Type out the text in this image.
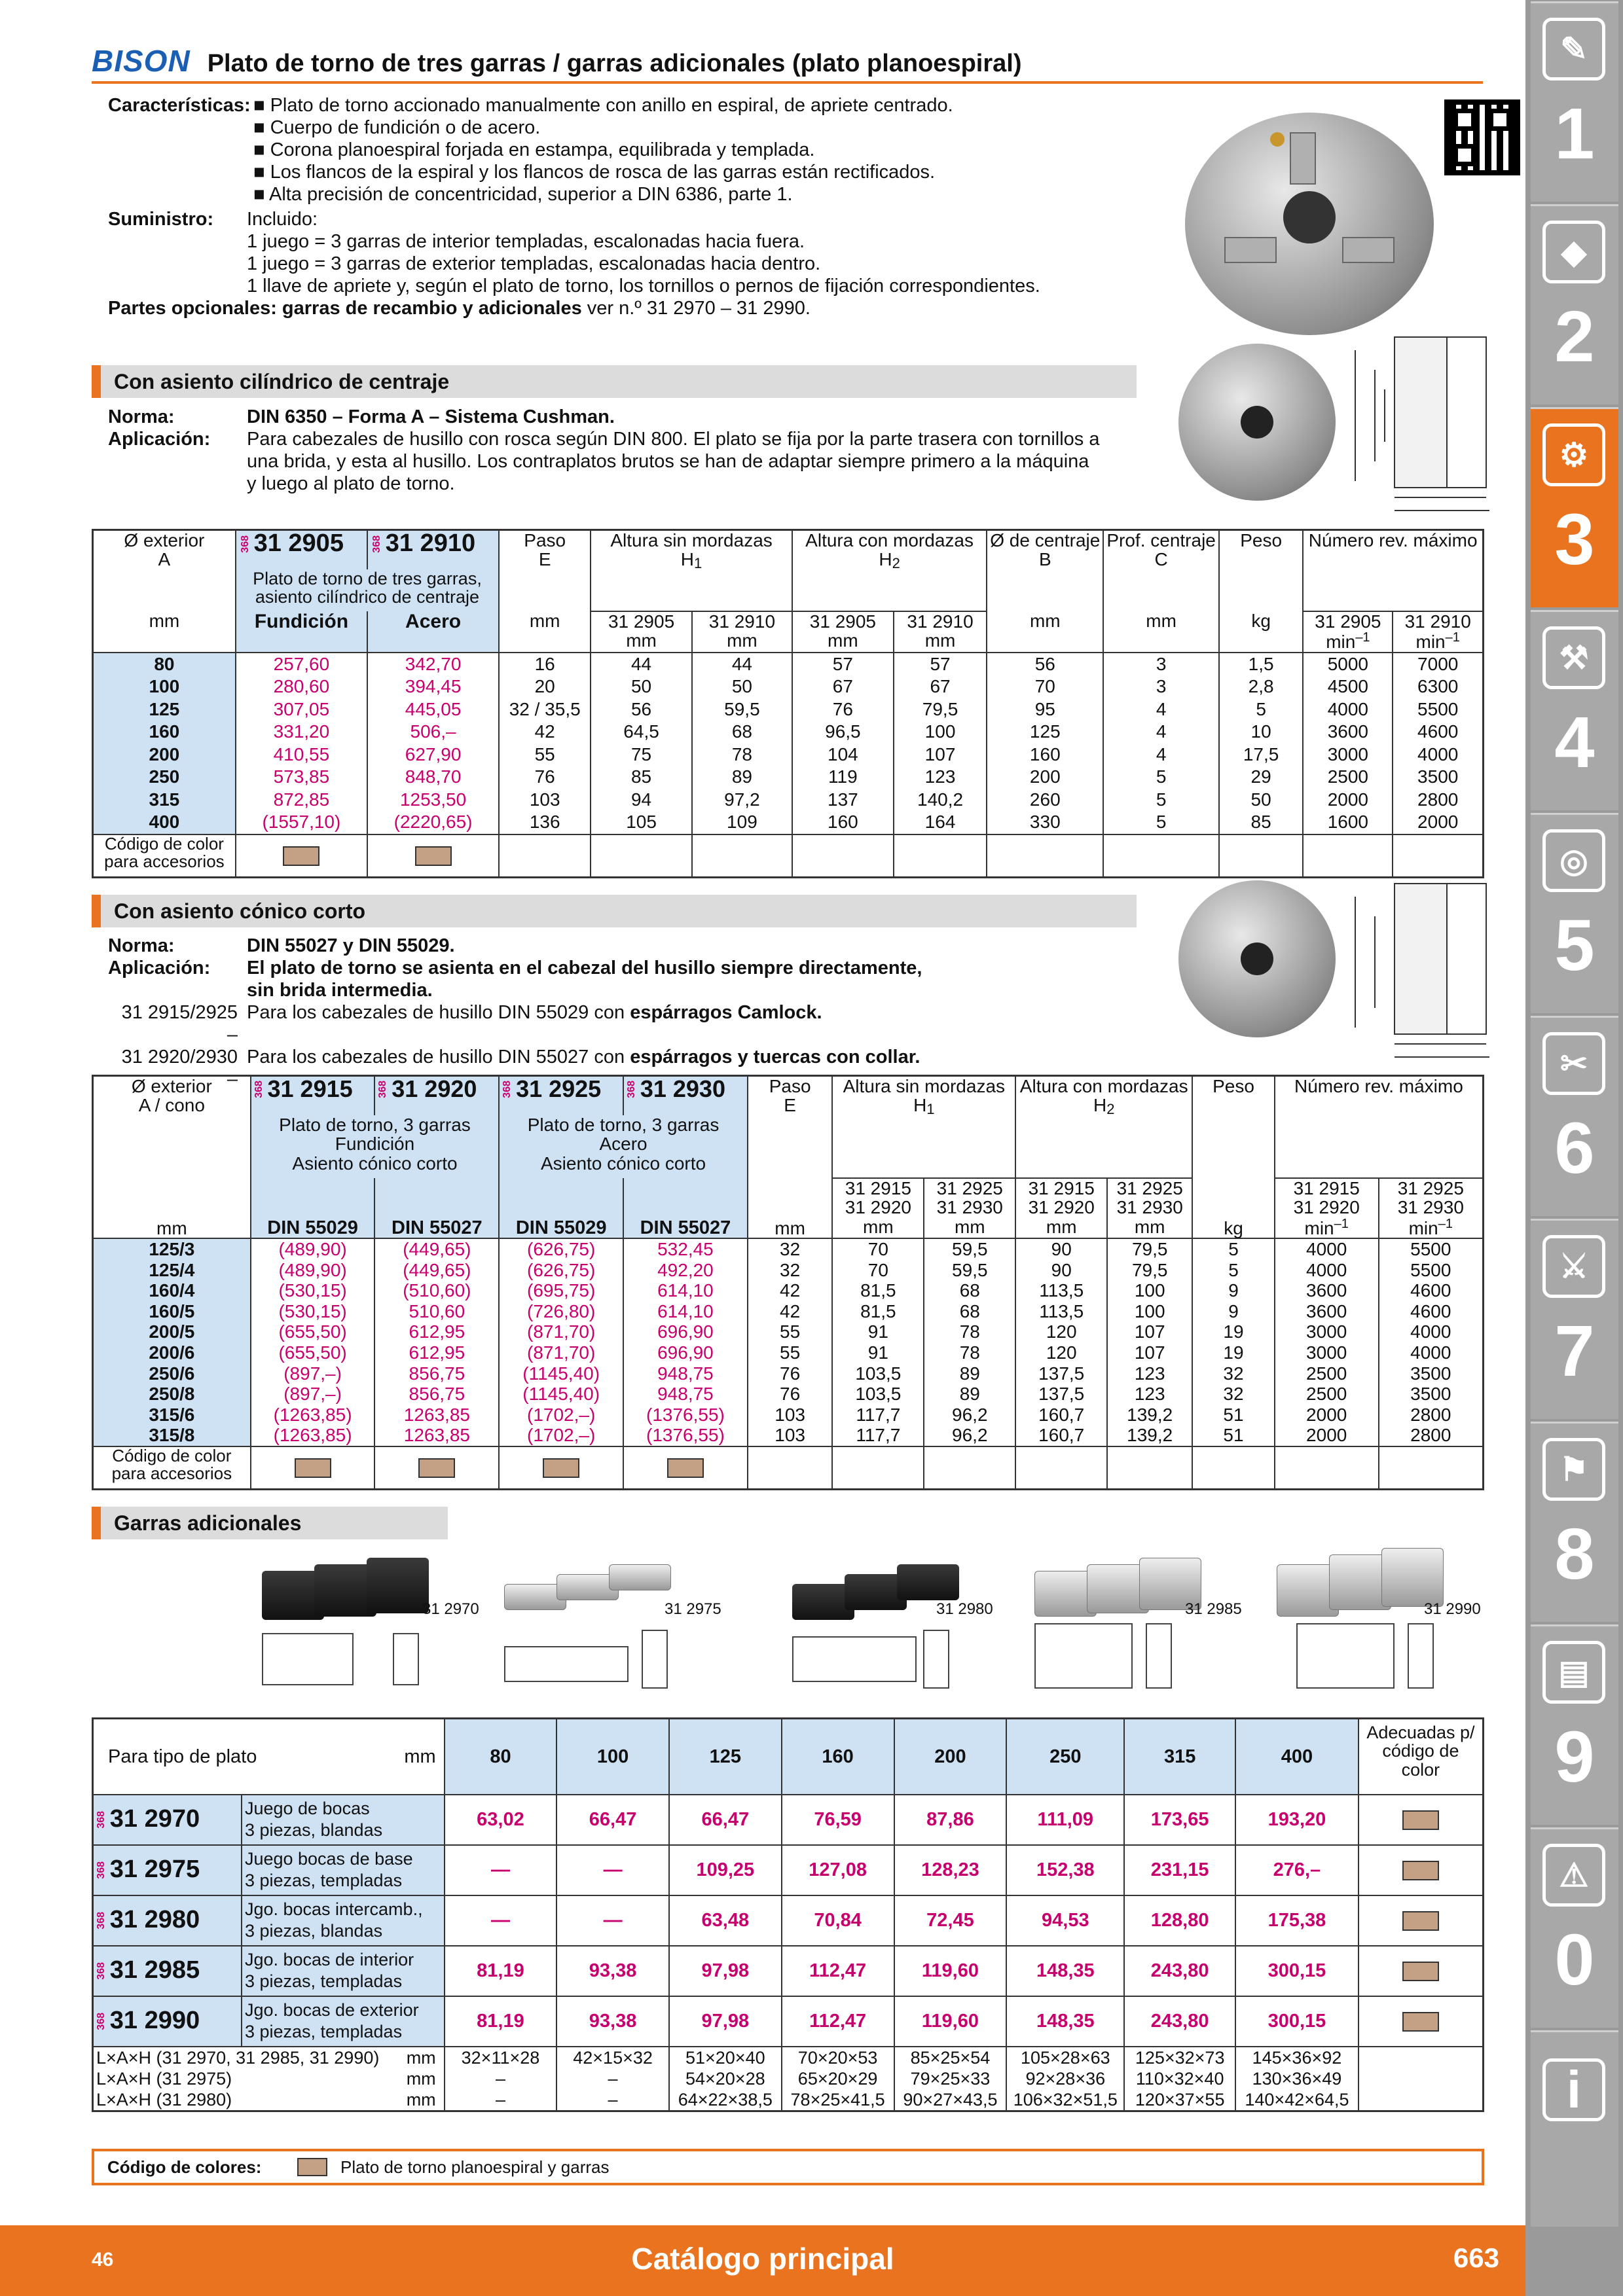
BISON Plato de torno de tres garras / garras adicionales (plato planoespiral)
Características: ■ Plato de torno accionado manualmente con anillo en espiral, de apriete centrado.
■ Cuerpo de fundición o de acero.
■ Corona planoespiral forjada en estampa, equilibrada y templada.
■ Los flancos de la espiral y los flancos de rosca de las garras están rectificados.
■ Alta precisión de concentricidad, superior a DIN 6386, parte 1.
Suministro:	Incluido:
1 juego = 3 garras de interior templadas, escalonadas hacia fuera.
1 juego = 3 garras de exterior templadas, escalonadas hacia dentro.
1 llave de apriete y, según el plato de torno, los tornillos o pernos de fijación correspondientes.
Partes opcionales: garras de recambio y adicionales ver n.º 31 2970 – 31 2990.
Con asiento cilíndrico de centraje
Norma:	DIN 6350 – Forma A – Sistema Cushman.
Aplicación:	Para cabezales de husillo con rosca según DIN 800. El plato se fija por la parte trasera con tornillos a
una brida, y esta al husillo. Los contraplatos brutos se han de adaptar siempre primero a la máquina
y luego al plato de torno.
Ø exterior
A	368 31 2905	368 31 2910	Paso
E	Altura sin mordazas
H1		Altura con mordazas
H2		Ø de centraje
B	Prof. centraje
C	Peso	Número rev. máximo	
	Plato de torno de tres garras, asiento cilíndrico de centraje											
mm	Fundición	Acero	mm	31 2905
mm	31 2910
mm	31 2905
mm	31 2910
mm	mm	mm	kg	31 2905
$\min^{-1}$	31 2910
$\min^{-1}$
80	257,60	342,70	16	44	44	57	57	56	3	1,5	5000	7000
100	280,60	394,45	20	50	50	67	67	70	3	2,8	4500	6300
125	307,05	445,05	32 / 35,5	56	59,5	76	79,5	95	4	5	4000	5500
160	331,20	506,–	42	64,5	68	96,5	100	125	4	10	3600	4600
200	410,55	627,90	55	75	78	104	107	160	4	17,5	3000	4000
250	573,85	848,70	76	85	89	119	123	200	5	29	2500	3500
315	872,85	1253,50	103	94	97,2	137	140,2	260	5	50	2000	2800
400	(1557,10)	(2220,65)	136	105	109	160	164	330	5	85	1600	2000
Código de color para accesorios												
Con asiento cónico corto
Norma:	DIN 55027 y DIN 55029.
Aplicación:	El plato de torno se asienta en el cabezal del husillo siempre directamente,
sin brida intermedia.
31 2915/2925 –
Para los cabezales de husillo DIN 55029 con espárragos Camlock.
31 2920/2930 –
Para los cabezales de husillo DIN 55027 con espárragos y tuercas con collar.
Ø exterior
A / cono	368 31 2915	368 31 2920	368 31 2925	368 31 2930	Paso
E	Altura sin mordazas
H1		Altura con mordazas
H2		Peso	Número rev. máximo	
	Plato de torno, 3 garras
Fundición
Asiento cónico corto		Plato de torno, 3 garras
Acero
Asiento cónico corto									
mm	DIN 55029	DIN 55027	DIN 55029	DIN 55027	mm	31 2915
31 2920
mm	31 2925
31 2930
mm	31 2915
31 2920
mm	31 2925
31 2930
mm	kg	31 2915
31 2920
$\min^{-1}$	31 2925
31 2930
$\min^{-1}$
125/3	(489,90)	(449,65)	(626,75)	532,45	32	70	59,5	90	79,5	5	4000	5500
125/4	(489,90)	(449,65)	(626,75)	492,20	32	70	59,5	90	79,5	5	4000	5500
160/4	(530,15)	(510,60)	(695,75)	614,10	42	81,5	68	113,5	100	9	3600	4600
160/5	(530,15)	510,60	(726,80)	614,10	42	81,5	68	113,5	100	9	3600	4600
200/5	(655,50)	612,95	(871,70)	696,90	55	91	78	120	107	19	3000	4000
200/6	(655,50)	612,95	(871,70)	696,90	55	91	78	120	107	19	3000	4000
250/6	(897,–)	856,75	(1145,40)	948,75	76	103,5	89	137,5	123	32	2500	3500
250/8	(897,–)	856,75	(1145,40)	948,75	76	103,5	89	137,5	123	32	2500	3500
315/6	(1263,85)	1263,85	(1702,–)	(1376,55)	103	117,7	96,2	160,7	139,2	51	2000	2800
315/8	(1263,85)	1263,85	(1702,–)	(1376,55)	103	117,7	96,2	160,7	139,2	51	2000	2800
Código de color para accesorios												
Garras adicionales
31 2970	31 2975	31 2980	31 2985	31 2990
Para tipo de plato mm		80	100	125	160	200	250	315	400	Adecuadas p/ código de color
368 31 2970	Juego de bocas
3 piezas, blandas	63,02	66,47	66,47	76,59	87,86	111,09	173,65	193,20	
368 31 2975	Juego bocas de base
3 piezas, templadas	—	—	109,25	127,08	128,23	152,38	231,15	276,–	
368 31 2980	Jgo. bocas intercamb.,
3 piezas, blandas	—	—	63,48	70,84	72,45	94,53	128,80	175,38	
368 31 2985	Jgo. bocas de interior
3 piezas, templadas	81,19	93,38	97,98	112,47	119,60	148,35	243,80	300,15	
368 31 2990	Jgo. bocas de exterior
3 piezas, templadas	81,19	93,38	97,98	112,47	119,60	148,35	243,80	300,15	
L×A×H (31 2970, 31 2985, 31 2990) mm		32×11×28	42×15×32	51×20×40	70×20×53	85×25×54	105×28×63	125×32×73	145×36×92	
L×A×H (31 2975) mm		–	–	54×20×28	65×20×29	79×25×33	92×28×36	110×32×40	130×36×49	
L×A×H (31 2980) mm		–	–	64×22×38,5	78×25×41,5	90×27×43,5	106×32×51,5	120×37×55	140×42×64,5	
Código de colores:	Plato de torno planoespiral y garras
46	Catálogo principal	663
✎
1
◆
2
⚙
3
⚒
4
◎
5
✂
6
⚔
7
⚑
8
▤
9
⚠
0
i
